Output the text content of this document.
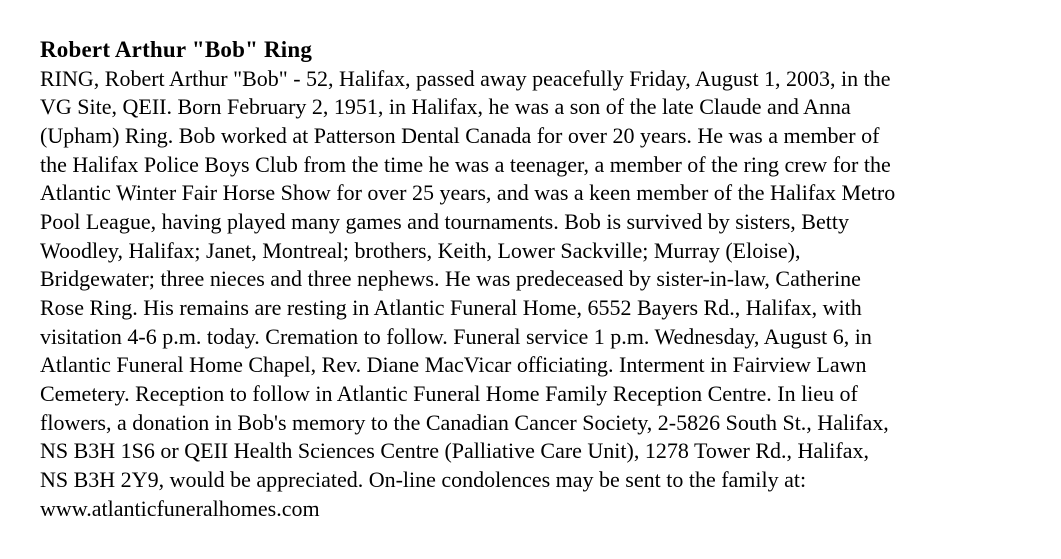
Robert Arthur "Bob" Ring
RING, Robert Arthur "Bob" - 52, Halifax, passed away peacefully Friday, August 1, 2003, in the
VG Site, QEII. Born February 2, 1951, in Halifax, he was a son of the late Claude and Anna
(Upham) Ring. Bob worked at Patterson Dental Canada for over 20 years. He was a member of
the Halifax Police Boys Club from the time he was a teenager, a member of the ring crew for the
Atlantic Winter Fair Horse Show for over 25 years, and was a keen member of the Halifax Metro
Pool League, having played many games and tournaments. Bob is survived by sisters, Betty
Woodley, Halifax; Janet, Montreal; brothers, Keith, Lower Sackville; Murray (Eloise),
Bridgewater; three nieces and three nephews. He was predeceased by sister-in-law, Catherine
Rose Ring. His remains are resting in Atlantic Funeral Home, 6552 Bayers Rd., Halifax, with
visitation 4-6 p.m. today. Cremation to follow. Funeral service 1 p.m. Wednesday, August 6, in
Atlantic Funeral Home Chapel, Rev. Diane MacVicar officiating. Interment in Fairview Lawn
Cemetery. Reception to follow in Atlantic Funeral Home Family Reception Centre. In lieu of
flowers, a donation in Bob's memory to the Canadian Cancer Society, 2-5826 South St., Halifax,
NS B3H 1S6 or QEII Health Sciences Centre (Palliative Care Unit), 1278 Tower Rd., Halifax,
NS B3H 2Y9, would be appreciated. On-line condolences may be sent to the family at:
www.atlanticfuneralhomes.com
